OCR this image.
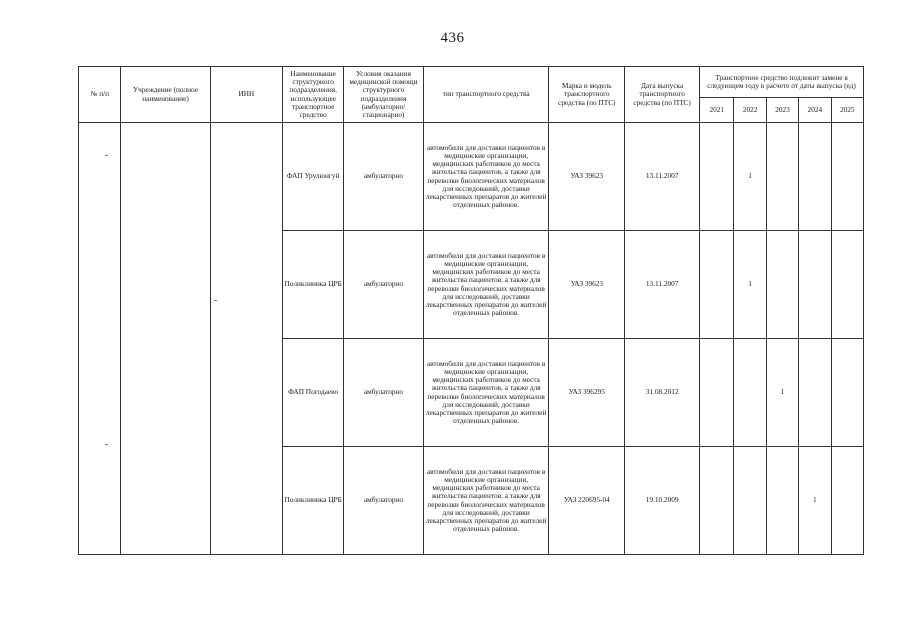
436
№ п/п	Учреждение (полное наименование)	ИНН	Наименование структурного подразделения, использующее транспортное средство	Условия оказания медицинской помощи структурного подразделения (амбулаторно/стационарно)	тип транспортного средства	Марка и модель транспортного средства (по ПТС)	Дата выпуска транспортного средства (по ПТС)	Транспортное средство подлежит замене в следующем году в расчете от даты выпуска (ед)				
								2021	2022	2023	2024	2025
			ФАП Урулюнгуй	амбулаторно	автомобили для доставки пациентов в медицинские организации, медицинских работников до места жительства пациентов, а также для перевозки биологических материалов для исследований, доставки лекарственных препаратов до жителей отделенных районов.	УАЗ 39623	13.11.2007		1			
			Поликлиника ЦРБ	амбулаторно	автомобили для доставки пациентов в медицинские организации, медицинских работников до места жительства пациентов, а также для перевозки биологических материалов для исследований, доставки лекарственных препаратов до жителей отделенных районов.	УАЗ 39623	13.11.2007		1			
			ФАП Погодаево	амбулаторно	автомобили для доставки пациентов в медицинские организации, медицинских работников до места жительства пациентов, а также для перевозки биологических материалов для исследований, доставки лекарственных препаратов до жителей отделенных районов.	УАЗ 396295	31.08.2012			1		
			Поликлиника ЦРБ	амбулаторно	автомобили для доставки пациентов в медицинские организации, медицинских работников до места жительства пациентов, а также для перевозки биологических материалов для исследований, доставки лекарственных препаратов до жителей отделенных районов.	УАЗ 220695-04	19.10.2009				1	
